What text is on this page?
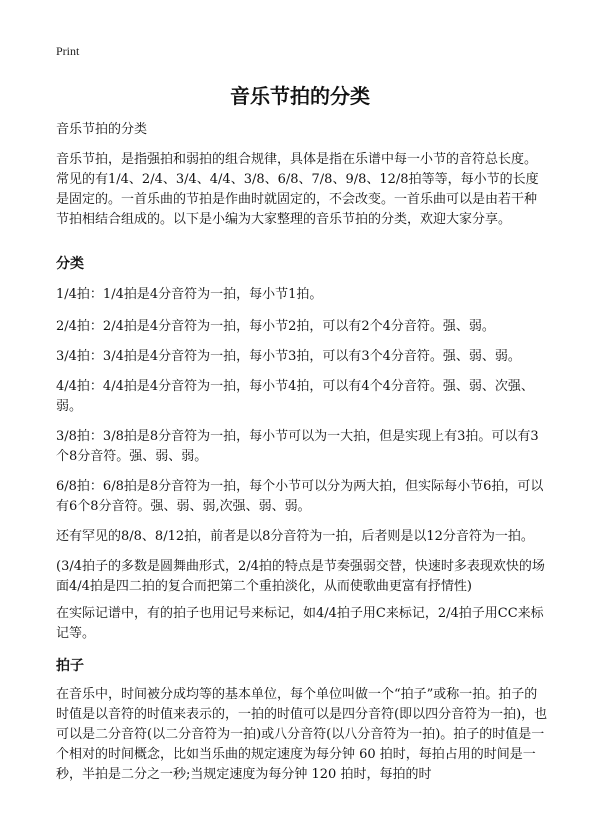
Print
音乐节拍的分类

音乐节拍的分类

音乐节拍，是指强拍和弱拍的组合规律，具体是指在乐谱中每一小节的音符总长度。常见的有1/4、2/4、3/4、4/4、3/8、6/8、7/8、9/8、12/8拍等等，每小节的长度是固定的。一首乐曲的节拍是作曲时就固定的，不会改变。一首乐曲可以是由若干种节拍相结合组成的。以下是小编为大家整理的音乐节拍的分类，欢迎大家分享。

分类

1/4拍：1/4拍是4分音符为一拍，每小节1拍。

2/4拍：2/4拍是4分音符为一拍，每小节2拍，可以有2个4分音符。强、弱。

3/4拍：3/4拍是4分音符为一拍，每小节3拍，可以有3个4分音符。强、弱、弱。

4/4拍：4/4拍是4分音符为一拍，每小节4拍，可以有4个4分音符。强、弱、次强、弱。

3/8拍：3/8拍是8分音符为一拍，每小节可以为一大拍，但是实现上有3拍。可以有3个8分音符。强、弱、弱。

6/8拍：6/8拍是8分音符为一拍，每个小节可以分为两大拍，但实际每小节6拍，可以有6个8分音符。强、弱、弱,次强、弱、弱。

还有罕见的8/8、8/12拍，前者是以8分音符为一拍，后者则是以12分音符为一拍。

(3/4拍子的多数是圆舞曲形式，2/4拍的特点是节奏强弱交替，快速时多表现欢快的场面4/4拍是四二拍的复合而把第二个重拍淡化，从而使歌曲更富有抒情性)

在实际记谱中，有的拍子也用记号来标记，如4/4拍子用C来标记，2/4拍子用CC来标记等。

拍子

在音乐中，时间被分成均等的基本单位，每个单位叫做一个“拍子”或称一拍。拍子的时值是以音符的时值来表示的，一拍的时值可以是四分音符(即以四分音符为一拍)，也可以是二分音符(以二分音符为一拍)或八分音符(以八分音符为一拍)。拍子的时值是一个相对的时间概念，比如当乐曲的规定速度为每分钟 60 拍时，每拍占用的时间是一秒，半拍是二分之一秒;当规定速度为每分钟 120 拍时，每拍的时
